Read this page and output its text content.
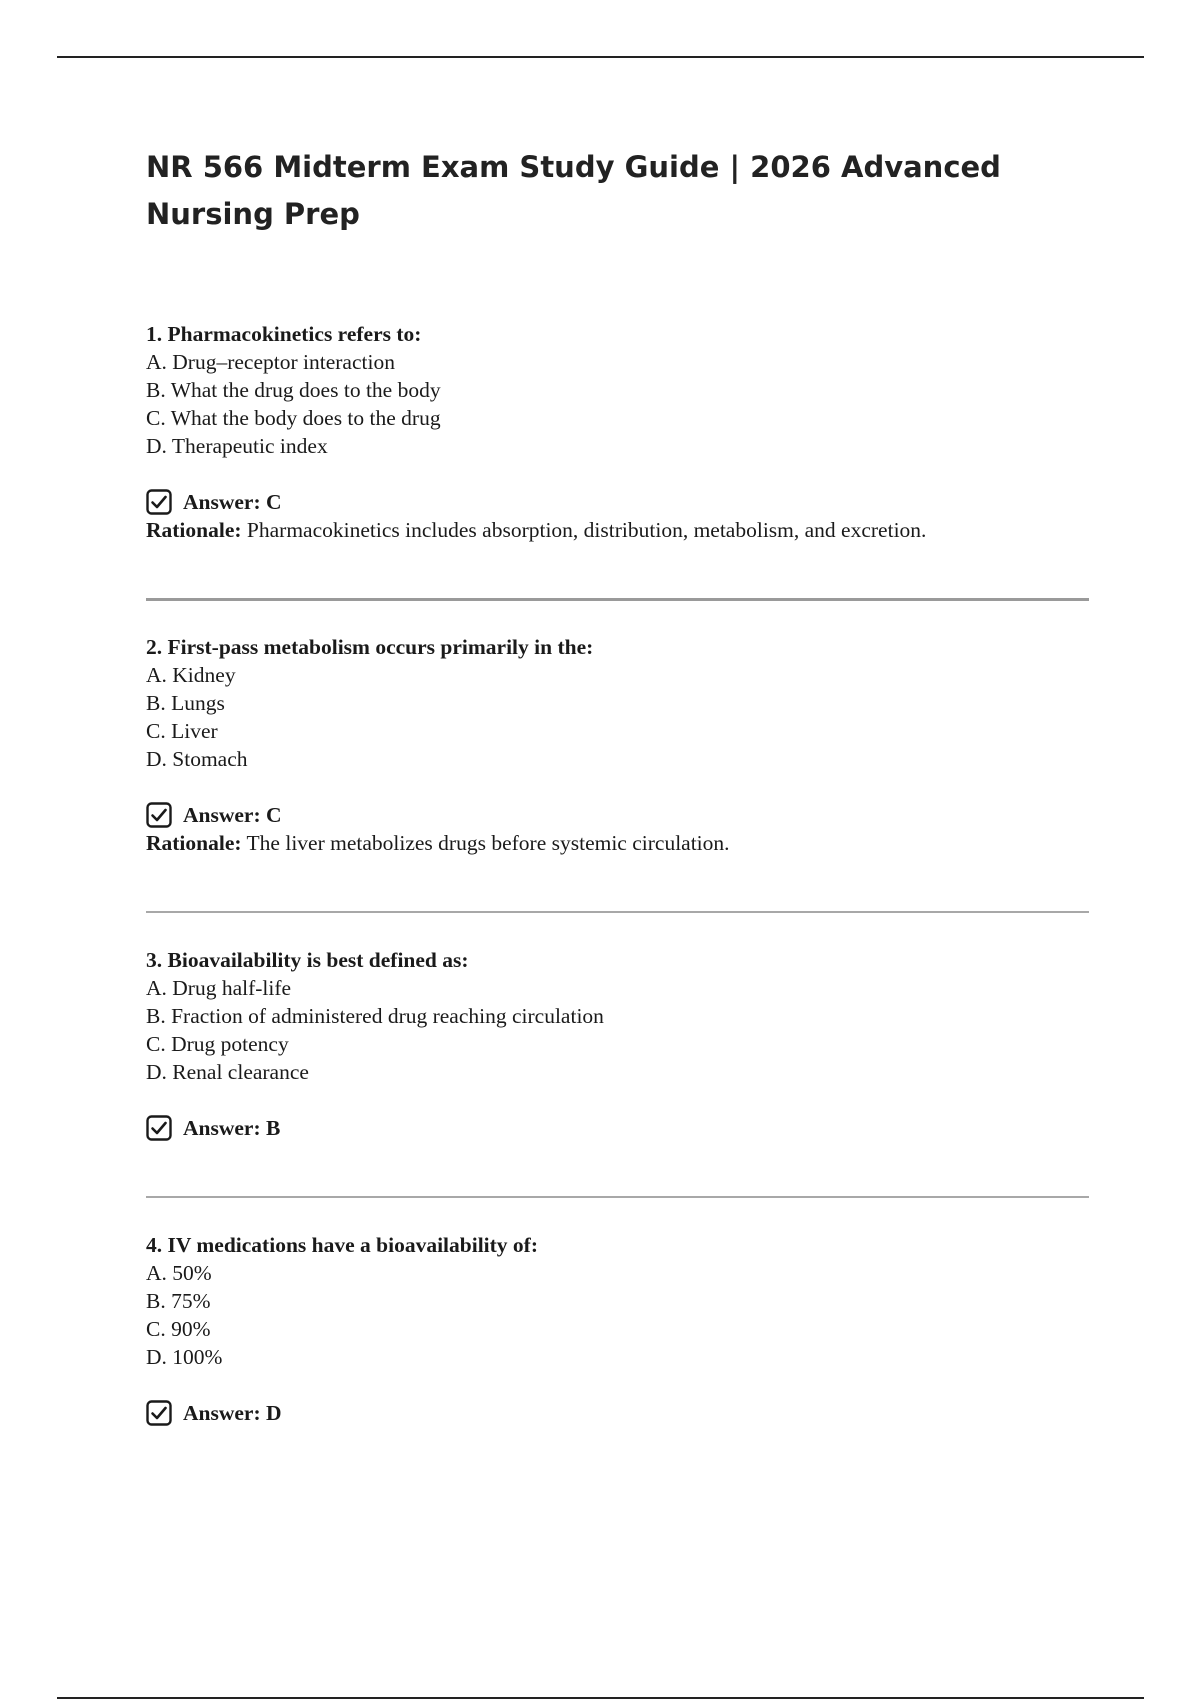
NR 566 Midterm Exam Study Guide | 2026 Advanced Nursing Prep
1. Pharmacokinetics refers to:
A. Drug–receptor interaction
B. What the drug does to the body
C. What the body does to the drug
D. Therapeutic index
Answer: C
Rationale: Pharmacokinetics includes absorption, distribution, metabolism, and excretion.
2. First-pass metabolism occurs primarily in the:
A. Kidney
B. Lungs
C. Liver
D. Stomach
Answer: C
Rationale: The liver metabolizes drugs before systemic circulation.
3. Bioavailability is best defined as:
A. Drug half-life
B. Fraction of administered drug reaching circulation
C. Drug potency
D. Renal clearance
Answer: B
4. IV medications have a bioavailability of:
A. 50%
B. 75%
C. 90%
D. 100%
Answer: D
